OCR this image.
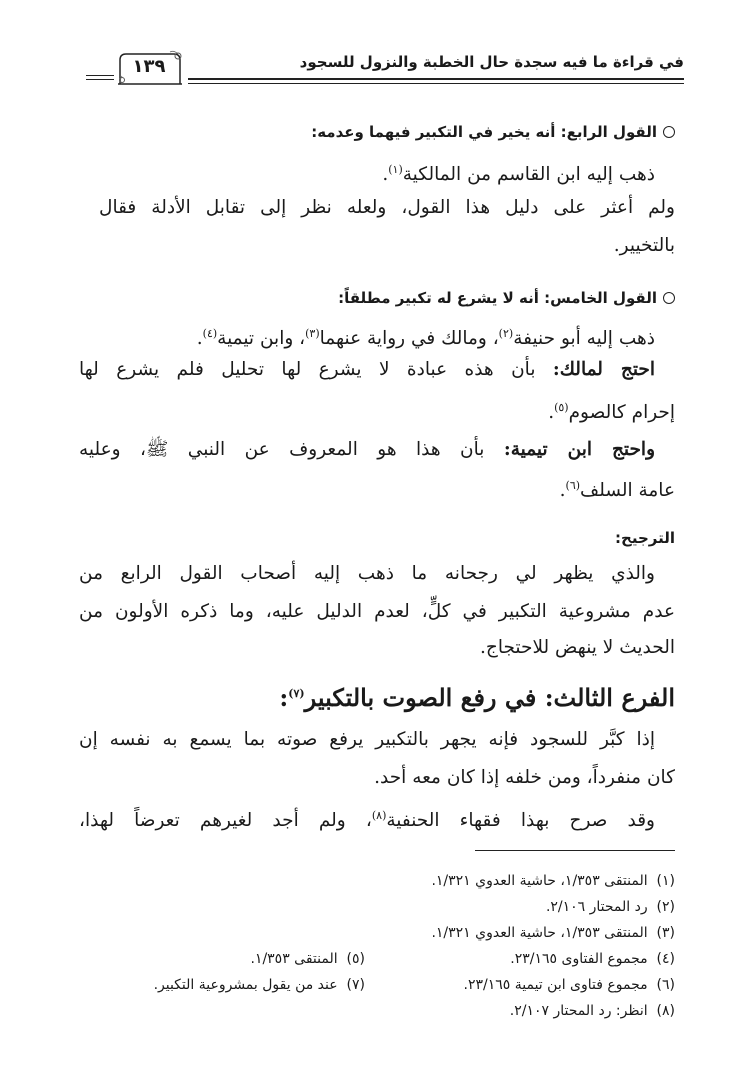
في قراءة ما فيه سجدة حال الخطبة والنزول للسجود
١٣٩
القول الرابع: أنه يخير في التكبير فيهما وعدمه:
ذهب إليه ابن القاسم من المالكية$^{(١)}$.
ولم أعثر على دليل هذا القول، ولعله نظر إلى تقابل الأدلة فقال
بالتخيير.
القول الخامس: أنه لا يشرع له تكبير مطلقاً:
ذهب إليه أبو حنيفة$^{(٢)}$، ومالك في رواية عنهما$^{(٣)}$، وابن تيمية$^{(٤)}$.
احتج لمالك: بأن هذه عبادة لا يشرع لها تحليل فلم يشرع لها
إحرام كالصوم$^{(٥)}$.
واحتج ابن تيمية: بأن هذا هو المعروف عن النبي ﷺ، وعليه
عامة السلف$^{(٦)}$.
الترجيح:
والذي يظهر لي رجحانه ما ذهب إليه أصحاب القول الرابع من
عدم مشروعية التكبير في كلٍّ، لعدم الدليل عليه، وما ذكره الأولون من
الحديث لا ينهض للاحتجاج.
الفرع الثالث: في رفع الصوت بالتكبير$^{(٧)}$:
إذا كبَّر للسجود فإنه يجهر بالتكبير يرفع صوته بما يسمع به نفسه إن
كان منفرداً، ومن خلفه إذا كان معه أحد.
وقد صرح بهذا فقهاء الحنفية$^{(٨)}$، ولم أجد لغيرهم تعرضاً لهذا،
(١)  المنتقى ١/٣٥٣، حاشية العدوي ١/٣٢١.
(٢)  رد المحتار ٢/١٠٦.
(٣)  المنتقى ١/٣٥٣، حاشية العدوي ١/٣٢١.
(٤)  مجموع الفتاوى ٢٣/١٦٥.
(٥)  المنتقى ١/٣٥٣.
(٦)  مجموع فتاوى ابن تيمية ٢٣/١٦٥.
(٧)  عند من يقول بمشروعية التكبير.
(٨)  انظر: رد المحتار ٢/١٠٧.
